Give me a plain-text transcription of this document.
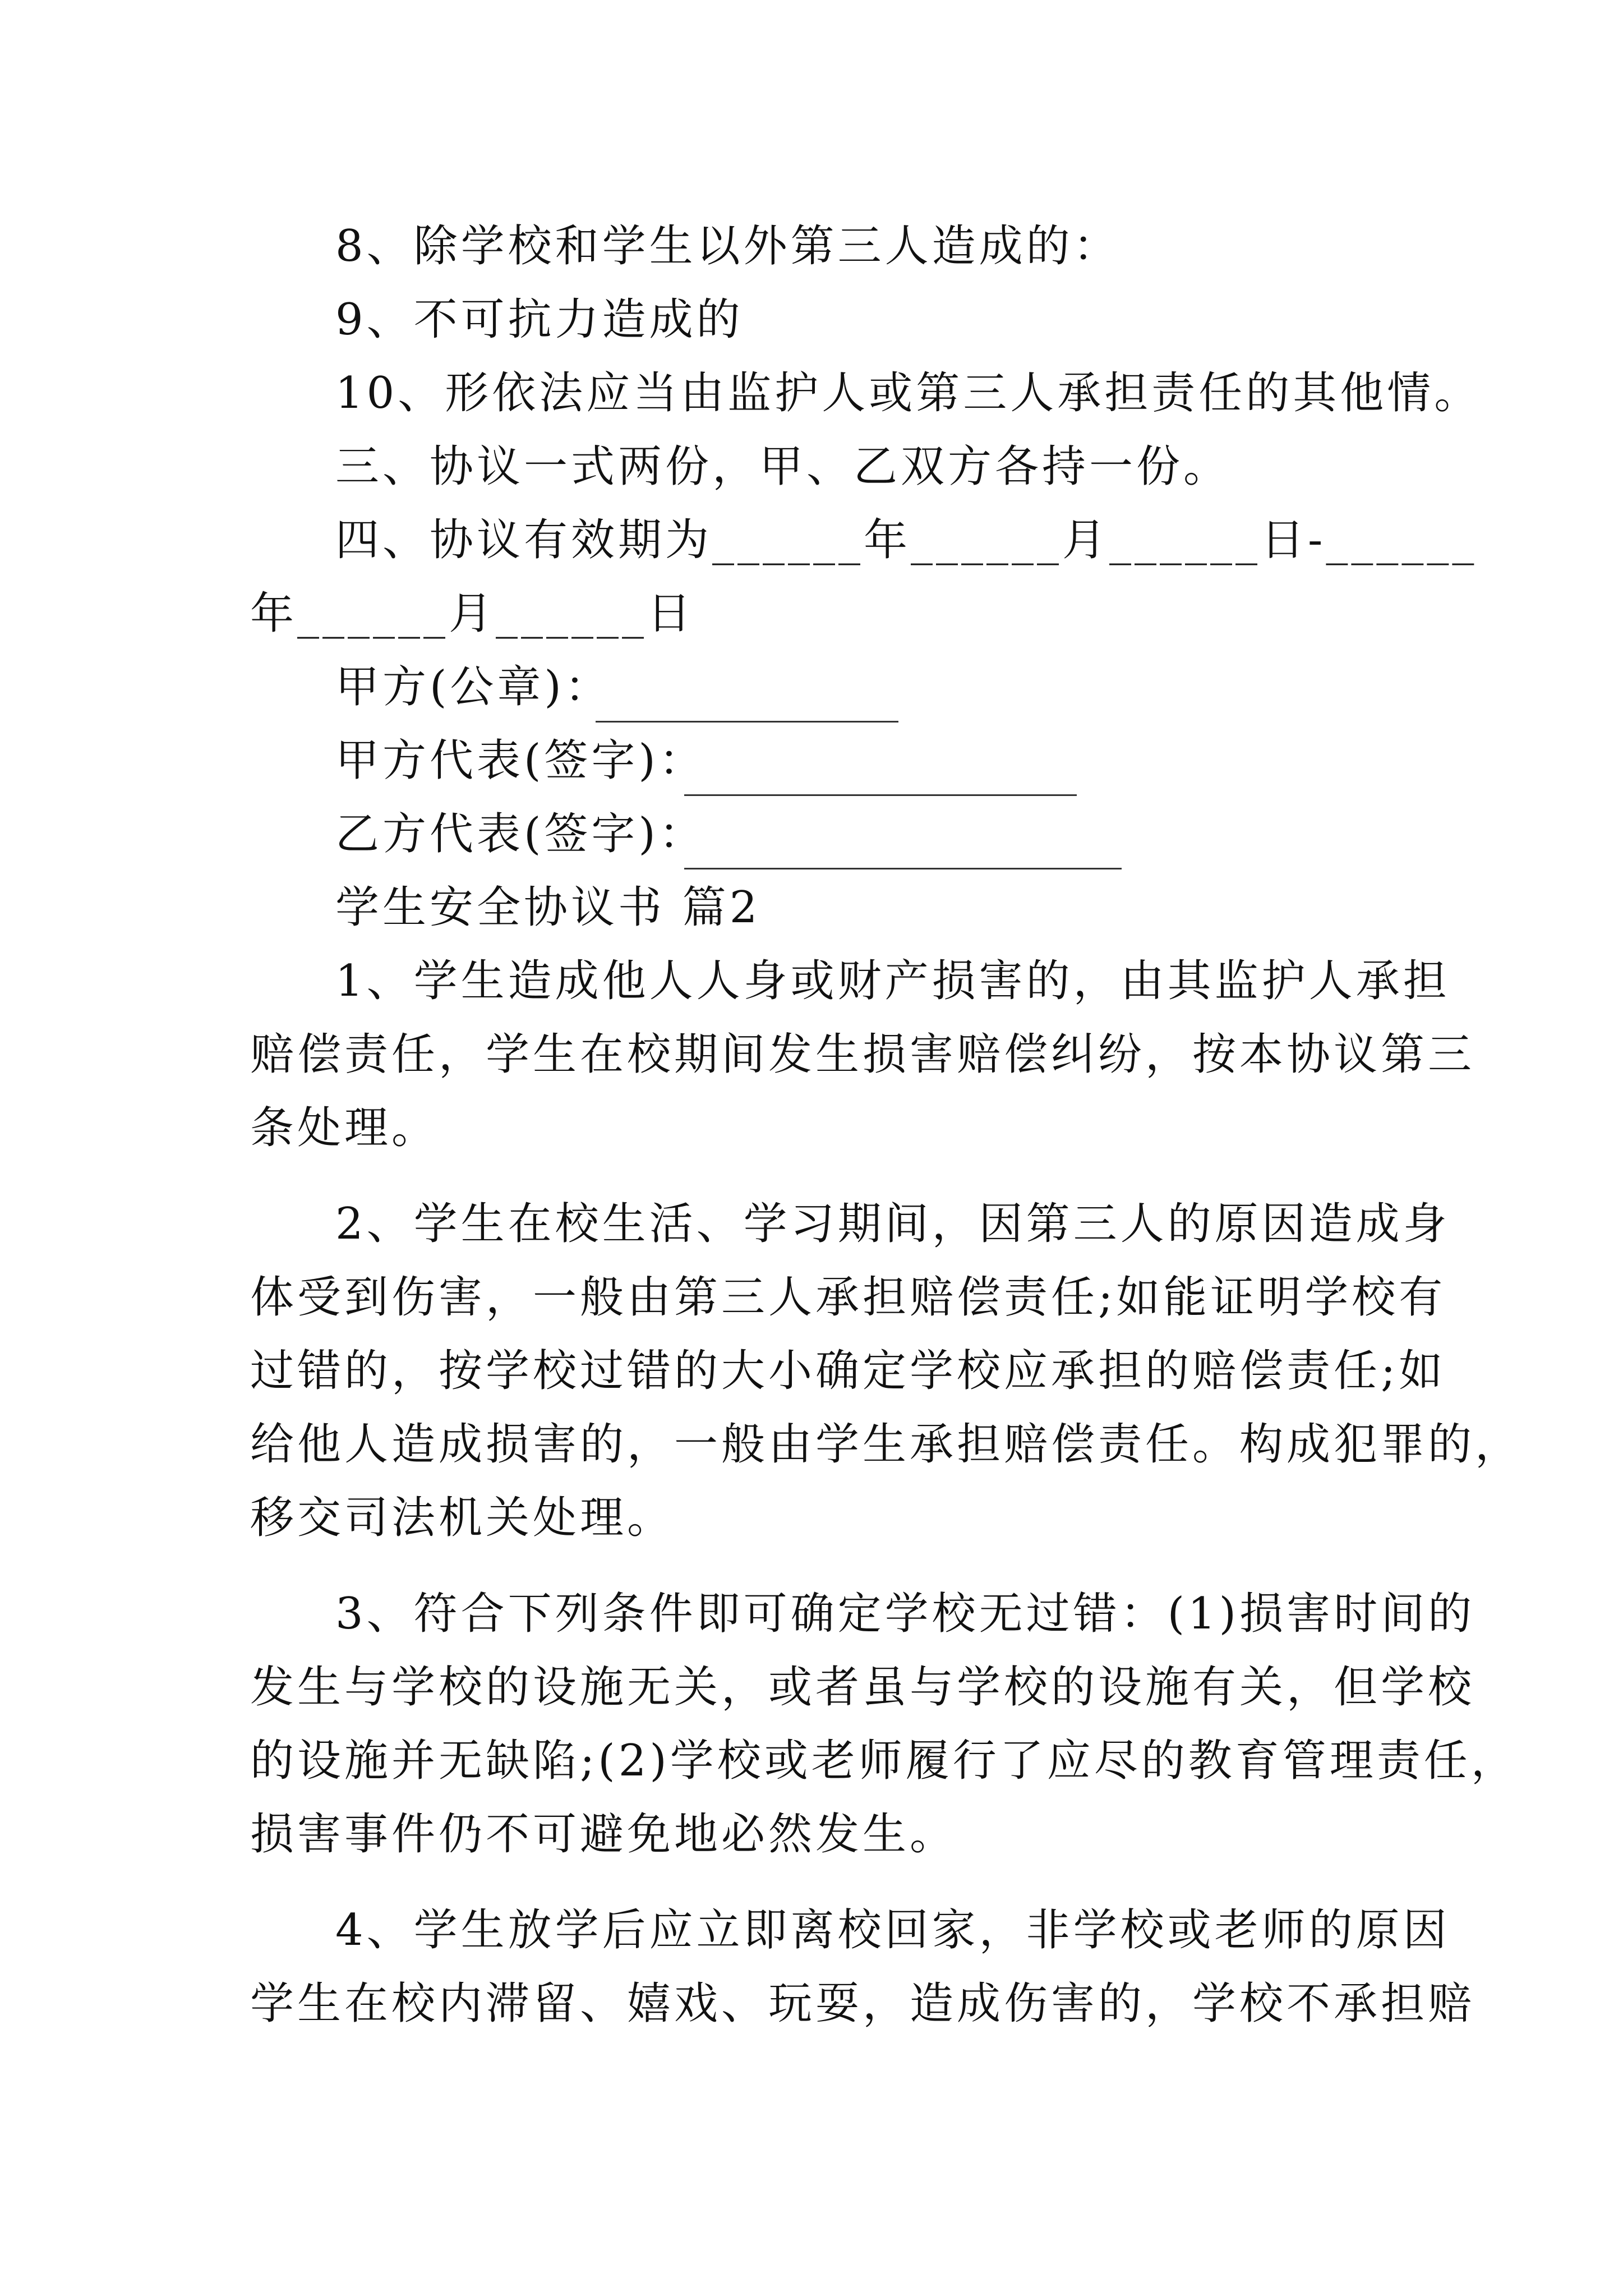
8、除学校和学生以外第三人造成的：
9、不可抗力造成的
10、形依法应当由监护人或第三人承担责任的其他情。
三、协议一式两份，甲、乙双方各持一份。
四、协议有效期为______年______月______日-______
年______月______日
甲方(公章)：
甲方代表(签字)：
乙方代表(签字)：
学生安全协议书 篇2
1、学生造成他人人身或财产损害的，由其监护人承担
赔偿责任，学生在校期间发生损害赔偿纠纷，按本协议第三
条处理。
2、学生在校生活、学习期间，因第三人的原因造成身
体受到伤害，一般由第三人承担赔偿责任;如能证明学校有
过错的，按学校过错的大小确定学校应承担的赔偿责任;如
给他人造成损害的，一般由学生承担赔偿责任。构成犯罪的，
移交司法机关处理。
3、符合下列条件即可确定学校无过错：(1)损害时间的
发生与学校的设施无关，或者虽与学校的设施有关，但学校
的设施并无缺陷;(2)学校或老师履行了应尽的教育管理责任，
损害事件仍不可避免地必然发生。
4、学生放学后应立即离校回家，非学校或老师的原因
学生在校内滞留、嬉戏、玩耍，造成伤害的，学校不承担赔
